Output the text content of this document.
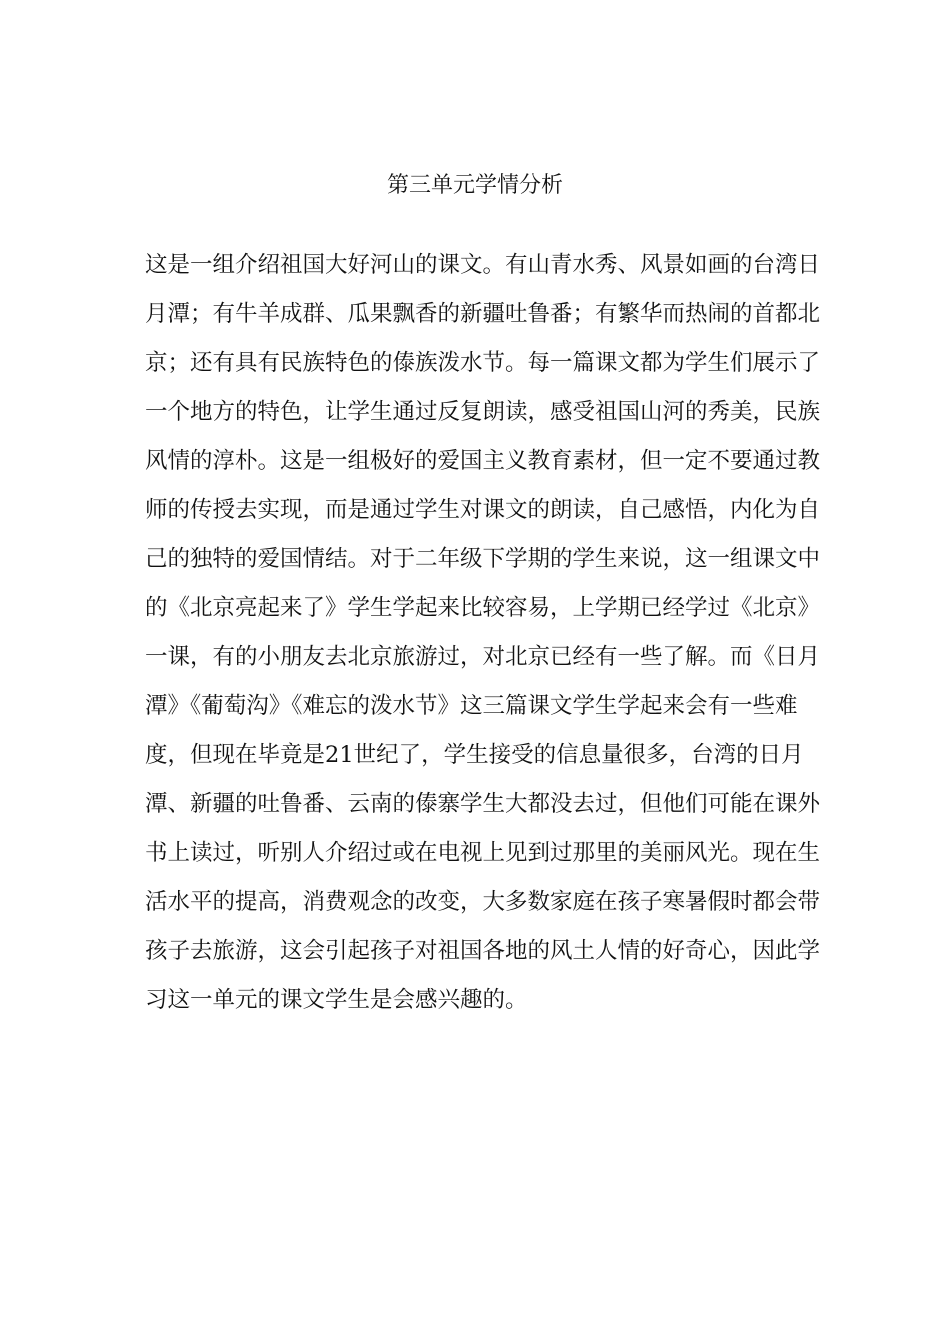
第三单元学情分析
这是一组介绍祖国大好河山的课文。有山青水秀、风景如画的台湾日
月潭；有牛羊成群、瓜果飘香的新疆吐鲁番；有繁华而热闹的首都北
京；还有具有民族特色的傣族泼水节。每一篇课文都为学生们展示了
一个地方的特色，让学生通过反复朗读，感受祖国山河的秀美，民族
风情的淳朴。这是一组极好的爱国主义教育素材，但一定不要通过教
师的传授去实现，而是通过学生对课文的朗读，自己感悟，内化为自
己的独特的爱国情结。对于二年级下学期的学生来说，这一组课文中
的《北京亮起来了》学生学起来比较容易，上学期已经学过《北京》
一课，有的小朋友去北京旅游过，对北京已经有一些了解。而《日月
潭》《葡萄沟》《难忘的泼水节》这三篇课文学生学起来会有一些难
度，但现在毕竟是21世纪了，学生接受的信息量很多，台湾的日月
潭、新疆的吐鲁番、云南的傣寨学生大都没去过，但他们可能在课外
书上读过，听别人介绍过或在电视上见到过那里的美丽风光。现在生
活水平的提高，消费观念的改变，大多数家庭在孩子寒暑假时都会带
孩子去旅游，这会引起孩子对祖国各地的风土人情的好奇心，因此学
习这一单元的课文学生是会感兴趣的。
